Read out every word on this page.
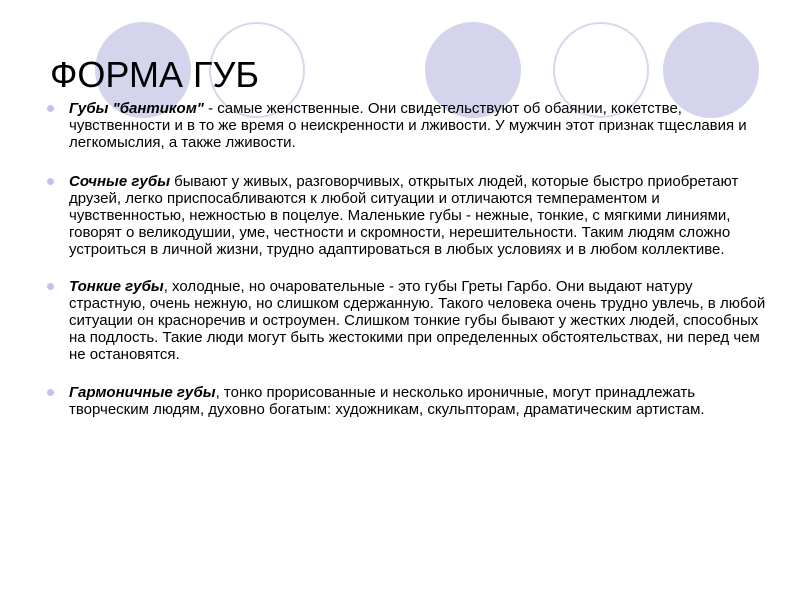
ФОРМА ГУБ

Губы "бантиком" - самые женственные. Они свидетельствуют об обаянии, кокетстве, чувственности и в то же время о неискренности и лживости. У мужчин этот признак тщеславия и легкомыслия, а также лживости.

Сочные губы бывают у живых, разговорчивых, открытых людей, которые быстро приобретают друзей, легко приспосабливаются к любой ситуации и отличаются темпераментом и чувственностью, нежностью в поцелуе. Маленькие губы - нежные, тонкие, с мягкими линиями, говорят о великодушии, уме, честности и скромности, нерешительности. Таким людям сложно устроиться в личной жизни, трудно адаптироваться в любых условиях и в любом коллективе.

Тонкие губы, холодные, но очаровательные - это губы Греты Гарбо. Они выдают натуру страстную, очень нежную, но слишком сдержанную. Такого человека очень трудно увлечь, в любой ситуации он красноречив и остроумен. Слишком тонкие губы бывают у жестких людей, способных на подлость. Такие люди могут быть жестокими при определенных обстоятельствах, ни перед чем не остановятся.

Гармоничные губы, тонко прорисованные и несколько ироничные, могут принадлежать творческим людям, духовно богатым: художникам, скульпторам, драматическим артистам.
